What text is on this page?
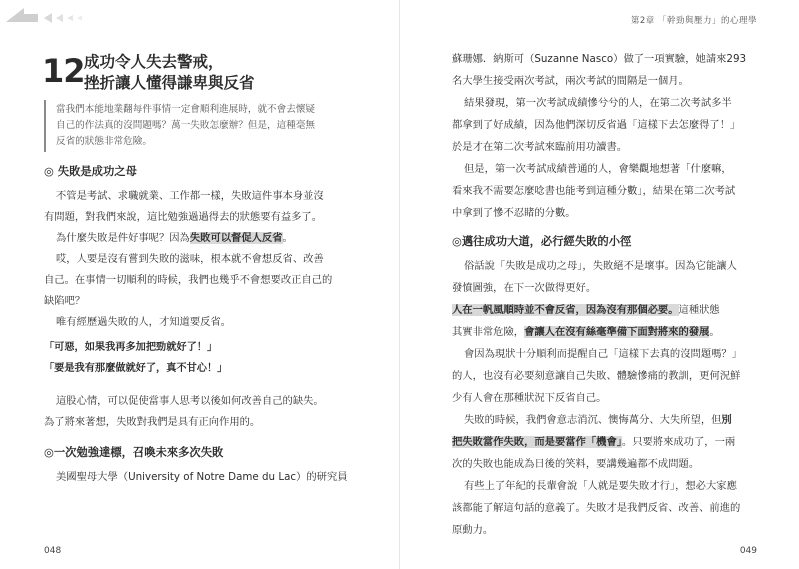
第2章 「幹勁與壓力」的心理學
12 成功令人失去警戒，
挫折讓人懂得謙卑與反省
當我們本能地業翻每件事情一定會順利進展時，就不會去懷疑
自己的作法真的沒問題嗎？萬一失敗怎麼辦？但是，這種毫無
反省的狀態非常危險。
◎ 失敗是成功之母
不管是考試、求職就業、工作都一樣，失敗這件事本身並沒
有問題，對我們來說，這比勉強過過得去的狀態要有益多了。
為什麼失敗是件好事呢？因為失敗可以督促人反省。
哎，人要是沒有嘗到失敗的滋味，根本就不會想反省、改善
自己。在事情一切順利的時候，我們也幾乎不會想要改正自己的
缺陷吧？
唯有經歷過失敗的人，才知道要反省。
「可惡，如果我再多加把勁就好了！」
「要是我有那麼做就好了，真不甘心！」
這股心情，可以促使當事人思考以後如何改善自己的缺失。
為了將來著想，失敗對我們是具有正向作用的。
◎一次勉強達標，召喚未來多次失敗
美國聖母大學（University of Notre Dame du Lac）的研究員
蘇珊娜．納斯可（Suzanne Nasco）做了一項實驗，她請來293
名大學生接受兩次考試，兩次考試的間隔是一個月。
結果發現，第一次考試成績慘兮兮的人，在第二次考試多半
都拿到了好成績，因為他們深切反省過「這樣下去怎麼得了！」
於是才在第二次考試來臨前用功讀書。
但是，第一次考試成績普通的人，會樂觀地想著「什麼嘛，
看來我不需要怎麼唸書也能考到這種分數」，結果在第二次考試
中拿到了慘不忍睹的分數。
◎邁往成功大道，必行經失敗的小徑
俗話說「失敗是成功之母」，失敗絕不是壞事。因為它能讓人
發憤圖強，在下一次做得更好。
人在一帆風順時並不會反省，因為沒有那個必要。這種狀態
其實非常危險，會讓人在沒有絲毫準備下面對將來的發展。
會因為現狀十分順利而提醒自己「這樣下去真的沒問題嗎？」
的人，也沒有必要刻意讓自己失敗、體驗慘痛的教訓，更何況鮮
少有人會在那種狀況下反省自己。
失敗的時候，我們會意志消沉、懊悔萬分、大失所望，但別
把失敗當作失敗，而是要當作「機會」。只要將來成功了，一兩
次的失敗也能成為日後的笑料，要講幾遍都不成問題。
有些上了年紀的長輩會說「人就是要失敗才行」，想必大家應
該都能了解這句話的意義了。失敗才是我們反省、改善、前進的
原動力。
048	049
